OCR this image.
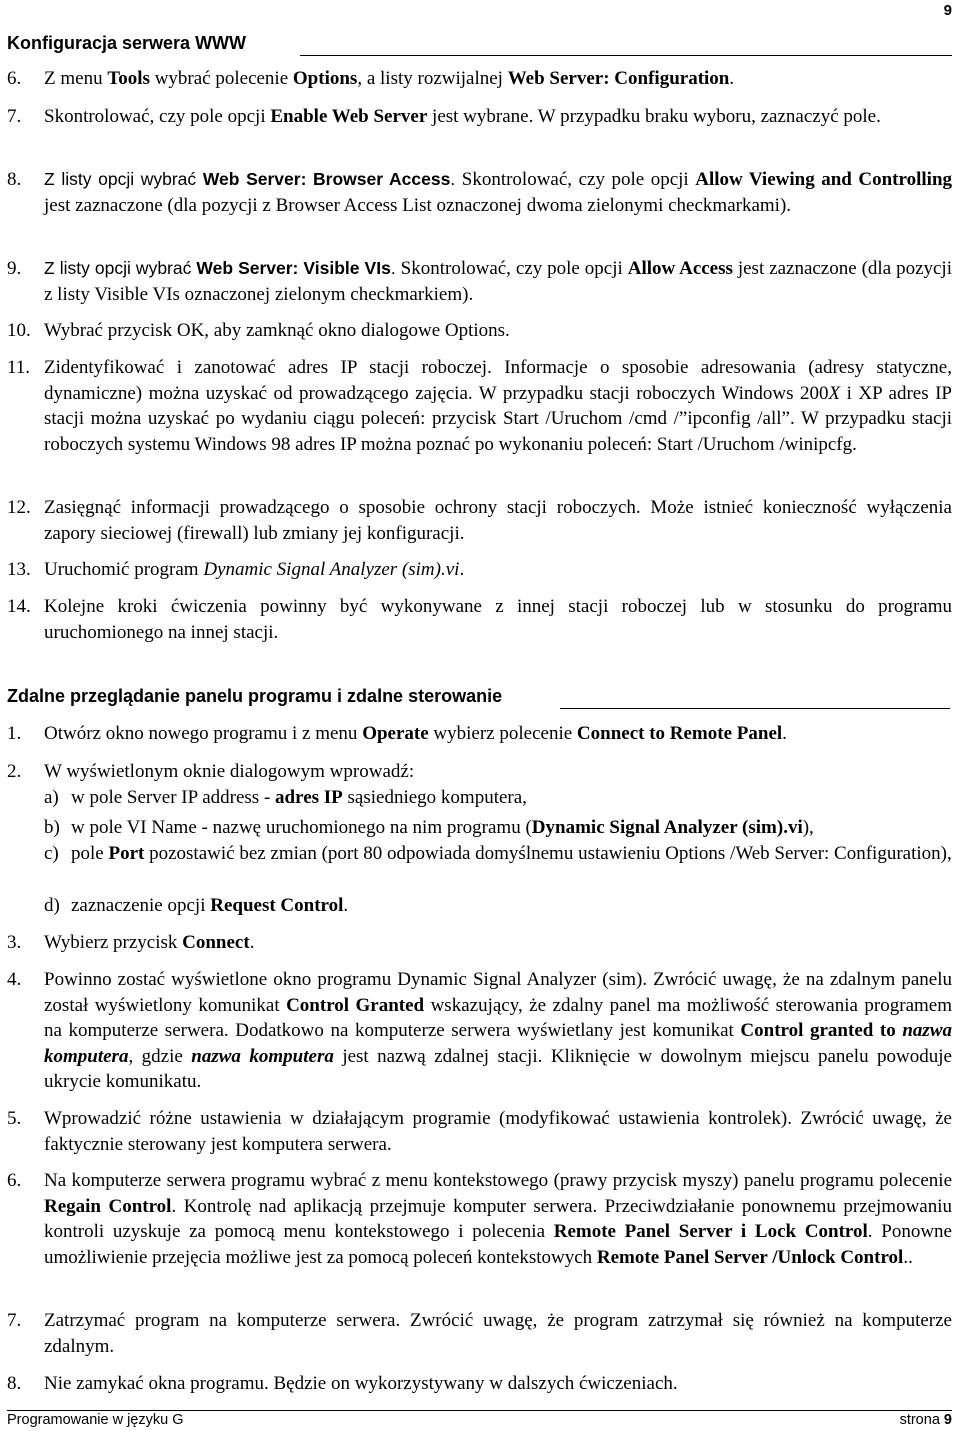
9
Konfiguracja serwera WWW
6. Z menu Tools wybrać polecenie Options, a listy rozwijalnej Web Server: Configuration.
7. Skontrolować, czy pole opcji Enable Web Server jest wybrane. W przypadku braku wyboru, zaznaczyć pole.
8. Z listy opcji wybrać Web Server: Browser Access. Skontrolować, czy pole opcji Allow Viewing and Controlling jest zaznaczone (dla pozycji z Browser Access List oznaczonej dwoma zielonymi checkmarkami).
9. Z listy opcji wybrać Web Server: Visible VIs. Skontrolować, czy pole opcji Allow Access jest zaznaczone (dla pozycji z listy Visible VIs oznaczonej zielonym checkmarkiem).
10. Wybrać przycisk OK, aby zamknąć okno dialogowe Options.
11. Zidentyfikować i zanotować adres IP stacji roboczej. Informacje o sposobie adresowania (adresy statyczne, dynamiczne) można uzyskać od prowadzącego zajęcia. W przypadku stacji roboczych Windows 200X i XP adres IP stacji można uzyskać po wydaniu ciągu poleceń: przycisk Start /Uruchom /cmd /”ipconfig /all”. W przypadku stacji roboczych systemu Windows 98 adres IP można poznać po wykonaniu poleceń: Start /Uruchom /winipcfg.
12. Zasięgnąć informacji prowadzącego o sposobie ochrony stacji roboczych. Może istnieć konieczność wyłączenia zapory sieciowej (firewall) lub zmiany jej konfiguracji.
13. Uruchomić program Dynamic Signal Analyzer (sim).vi.
14. Kolejne kroki ćwiczenia powinny być wykonywane z innej stacji roboczej lub w stosunku do programu uruchomionego na innej stacji.
Zdalne przeglądanie panelu programu i zdalne sterowanie
1. Otwórz okno nowego programu i z menu Operate wybierz polecenie Connect to Remote Panel.
2. W wyświetlonym oknie dialogowym wprowadź:
a) w pole Server IP address - adres IP sąsiedniego komputera,
b) w pole VI Name - nazwę uruchomionego na nim programu (Dynamic Signal Analyzer (sim).vi),
c) pole Port pozostawić bez zmian (port 80 odpowiada domyślnemu ustawieniu Options /Web Server: Configuration),
d) zaznaczenie opcji Request Control.
3. Wybierz przycisk Connect.
4. Powinno zostać wyświetlone okno programu Dynamic Signal Analyzer (sim). Zwrócić uwagę, że na zdalnym panelu został wyświetlony komunikat Control Granted wskazujący, że zdalny panel ma możliwość sterowania programem na komputerze serwera. Dodatkowo na komputerze serwera wyświetlany jest komunikat Control granted to nazwa komputera, gdzie nazwa komputera jest nazwą zdalnej stacji. Kliknięcie w dowolnym miejscu panelu powoduje ukrycie komunikatu.
5. Wprowadzić różne ustawienia w działającym programie (modyfikować ustawienia kontrolek). Zwrócić uwagę, że faktycznie sterowany jest komputera serwera.
6. Na komputerze serwera programu wybrać z menu kontekstowego (prawy przycisk myszy) panelu programu polecenie Regain Control. Kontrolę nad aplikacją przejmuje komputer serwera. Przeciwdziałanie ponownemu przejmowaniu kontroli uzyskuje za pomocą menu kontekstowego i polecenia Remote Panel Server i Lock Control. Ponowne umożliwienie przejęcia możliwe jest za pomocą poleceń kontekstowych Remote Panel Server /Unlock Control..
7. Zatrzymać program na komputerze serwera. Zwrócić uwagę, że program zatrzymał się również na komputerze zdalnym.
8. Nie zamykać okna programu. Będzie on wykorzystywany w dalszych ćwiczeniach.
Programowanie w języku G	strona 9
